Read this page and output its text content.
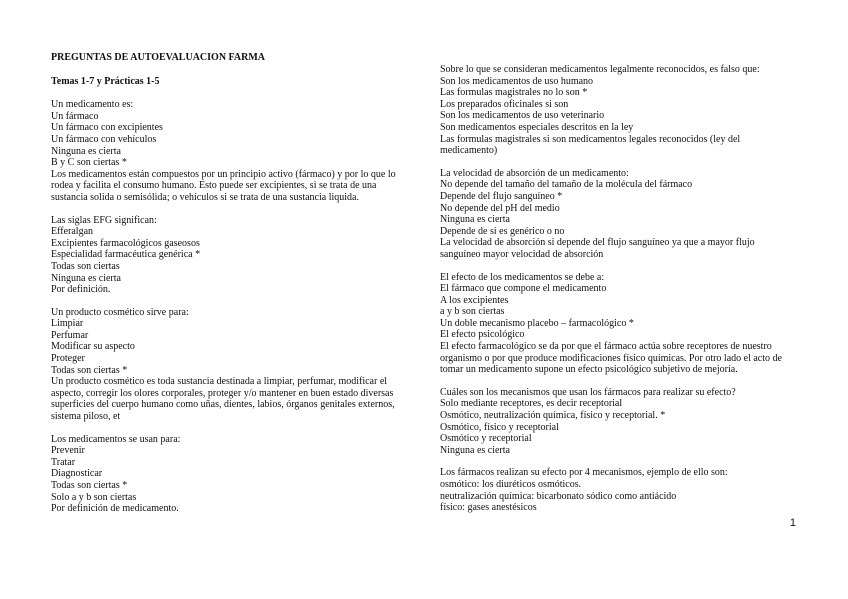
PREGUNTAS DE AUTOEVALUACION FARMA
Temas 1-7 y Prácticas 1-5
Un medicamento es:
Un fármaco
Un fármaco con excipientes
Un fármaco con vehículos
Ninguna es cierta
B y C son ciertas *
Los medicamentos están compuestos por un principio activo (fármaco) y por lo que lo rodea y facilita el consumo humano. Esto puede ser excipientes, si se trata de una sustancia solida o semisólida; o vehículos si se trata de una sustancia liquida.
Las siglas EFG significan:
Efferalgan
Excipientes farmacológicos gaseosos
Especialidad farmacéutica genérica *
Todas son ciertas
Ninguna es cierta
Por definición.
Un producto cosmético sirve para:
Limpiar
Perfumar
Modificar su aspecto
Proteger
Todas son ciertas *
Un producto cosmético es toda sustancia destinada a limpiar, perfumar, modificar el aspecto, corregir los olores corporales, proteger y/o mantener en buen estado diversas superficies del cuerpo humano como uñas, dientes, labios, órganos genitales externos, sistema piloso, et
Los medicamentos se usan para:
Prevenir
Tratar
Diagnosticar
Todas son ciertas *
Solo a y b son ciertas
Por definición de medicamento.
Sobre lo que se consideran medicamentos legalmente reconocidos, es falso que:
Son los medicamentos de uso humano
Las formulas magistrales no lo son *
Los preparados oficinales si son
Son los medicamentos de uso veterinario
Son medicamentos especiales descritos en la ley
Las formulas magistrales si son medicamentos legales reconocidos (ley del medicamento)
La velocidad de absorción de un medicamento:
No depende del tamaño del tamaño de la molécula del fármaco
Depende del flujo sanguíneo *
No depende del pH del medio
Ninguna es cierta
Depende de si es genérico o no
La velocidad de absorción si depende del flujo sanguíneo ya que a mayor flujo sanguíneo mayor velocidad de absorción
El efecto de los medicamentos se debe a:
El fármaco que compone el medicamento
A los excipientes
a y b son ciertas
Un doble mecanismo placebo – farmacológico *
El efecto psicológico
El efecto farmacológico se da por que el fármaco actúa sobre receptores de nuestro organismo o por que produce modificaciones físico químicas. Por otro lado el acto de tomar un medicamento supone un efecto psicológico subjetivo de mejoría.
Cuáles son los mecanismos que usan los fármacos para realizar su efecto?
Solo mediante receptores, es decir receptorial
Osmótico, neutralización química, físico y receptorial. *
Osmótico, físico y receptorial
Osmótico y receptorial
Ninguna es cierta
Los fármacos realizan su efecto por 4 mecanismos, ejemplo de ello son:
osmótico: los diuréticos osmóticos.
neutralización química: bicarbonato sódico como antiácido
físico: gases anestésicos
1
